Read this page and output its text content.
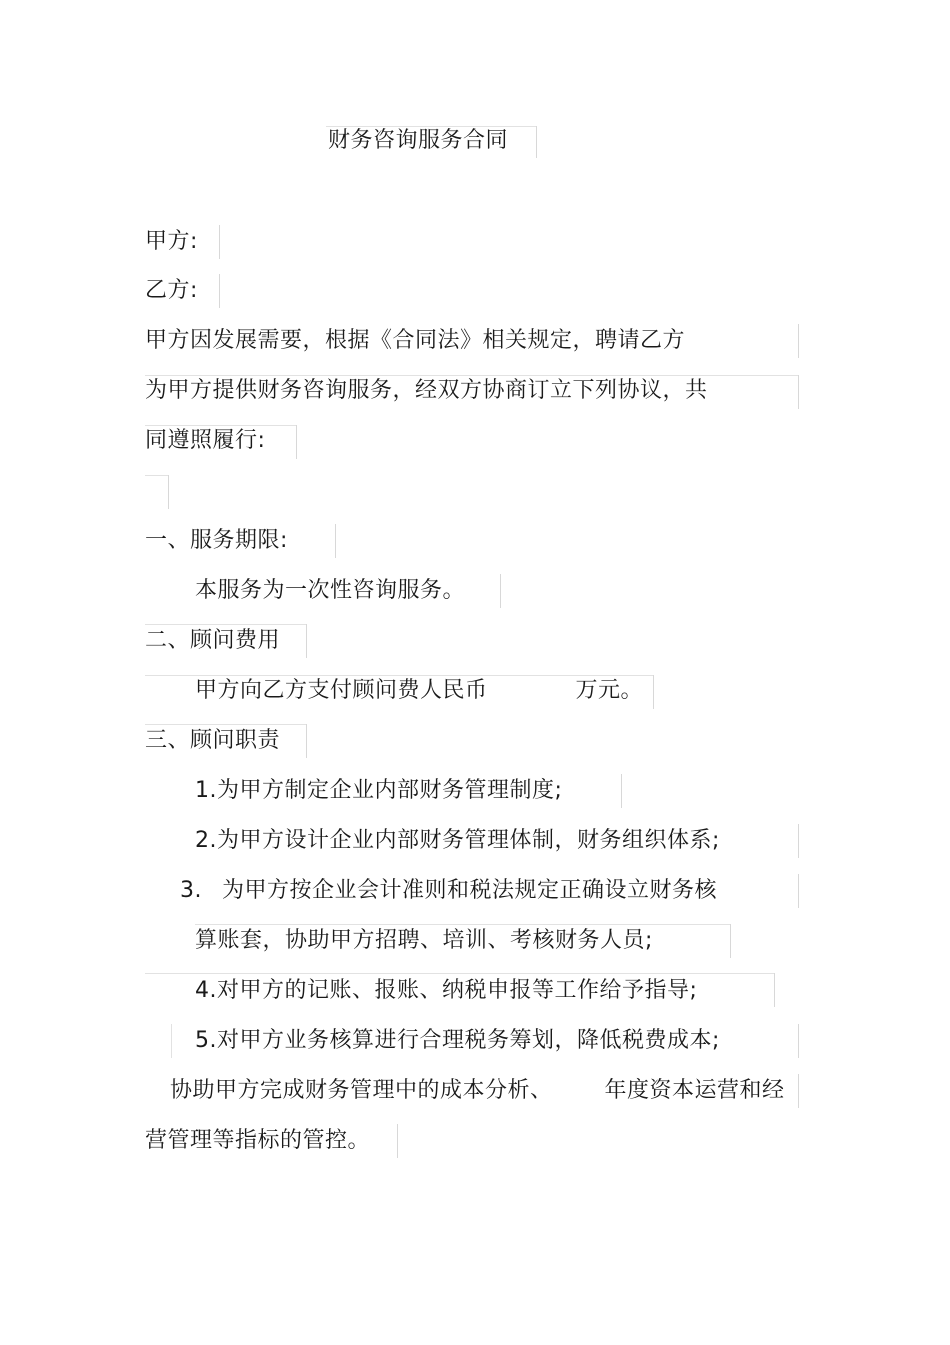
财务咨询服务合同
甲方:
乙方:
甲方因发展需要，根据《合同法》相关规定，聘请乙方
为甲方提供财务咨询服务，经双方协商订立下列协议，共
同遵照履行:
一、服务期限:
本服务为一次性咨询服务。
二、顾问费用
甲方向乙方支付顾问费人民币	万元。
三、顾问职责
1.为甲方制定企业内部财务管理制度;
2.为甲方设计企业内部财务管理体制，财务组织体系;
3. 为甲方按企业会计准则和税法规定正确设立财务核
算账套，协助甲方招聘、培训、考核财务人员;
4.对甲方的记账、报账、纳税申报等工作给予指导;
5.对甲方业务核算进行合理税务筹划，降低税费成本;
协助甲方完成财务管理中的成本分析、 年度资本运营和经
营管理等指标的管控。
